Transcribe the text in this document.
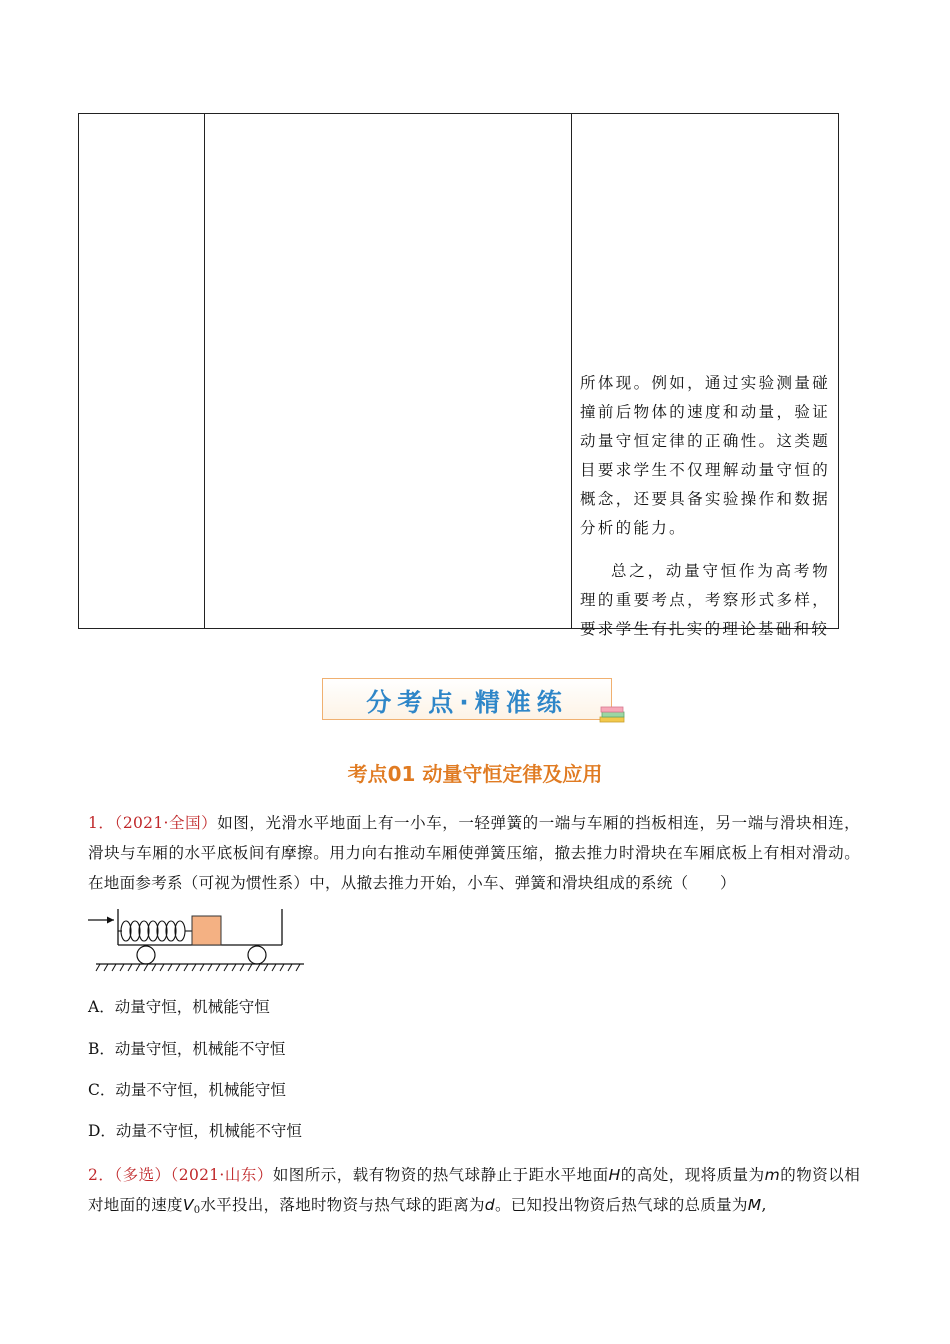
所体现。例如，通过实验测量碰撞前后物体的速度和动量，验证动量守恒定律的正确性。这类题目要求学生不仅理解动量守恒的概念，还要具备实验操作和数据分析的能力。
总之，动量守恒作为高考物理的重要考点，考察形式多样，要求学生有扎实的理论基础和较
分考点·精准练
考点01 动量守恒定律及应用
1．（2021·全国）如图，光滑水平地面上有一小车，一轻弹簧的一端与车厢的挡板相连，另一端与滑块相连，滑块与车厢的水平底板间有摩擦。用力向右推动车厢使弹簧压缩，撤去推力时滑块在车厢底板上有相对滑动。在地面参考系（可视为惯性系）中，从撤去推力开始，小车、弹簧和滑块组成的系统（　　）
A．动量守恒，机械能守恒
B．动量守恒，机械能不守恒
C．动量不守恒，机械能守恒
D．动量不守恒，机械能不守恒
2．（多选）（2021·山东）如图所示，载有物资的热气球静止于距水平地面H的高处，现将质量为m的物资以相对地面的速度$V_0$水平投出，落地时物资与热气球的距离为d。已知投出物资后热气球的总质量为M,
